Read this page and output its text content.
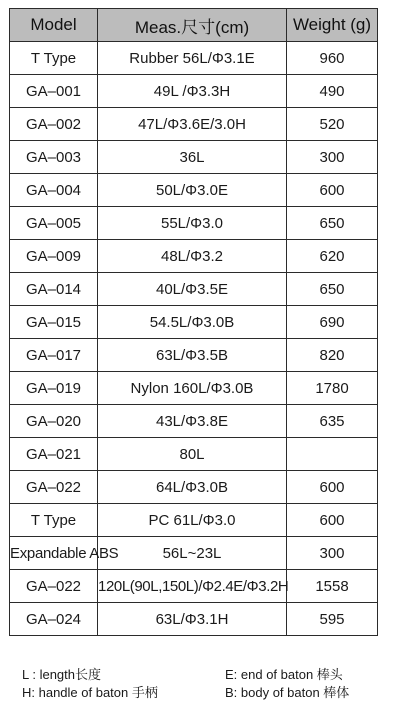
Model	Meas.尺寸(cm)	Weight (g)
T Type	Rubber 56L/Φ3.1E	960
GA–001	49L /Φ3.3H	490
GA–002	47L/Φ3.6E/3.0H	520
GA–003	36L	300
GA–004	50L/Φ3.0E	600
GA–005	55L/Φ3.0	650
GA–009	48L/Φ3.2	620
GA–014	40L/Φ3.5E	650
GA–015	54.5L/Φ3.0B	690
GA–017	63L/Φ3.5B	820
GA–019	Nylon 160L/Φ3.0B	1780
GA–020	43L/Φ3.8E	635
GA–021	80L	
GA–022	64L/Φ3.0B	600
T Type	PC 61L/Φ3.0	600
Expandable ABS	56L~23L	300
GA–022	120L(90L,150L)/Φ2.4E/Φ3.2H	1558
GA–024	63L/Φ3.1H	595
L : length长度	E: end of baton 棒头
H: handle of baton 手柄	B: body of baton 棒体
